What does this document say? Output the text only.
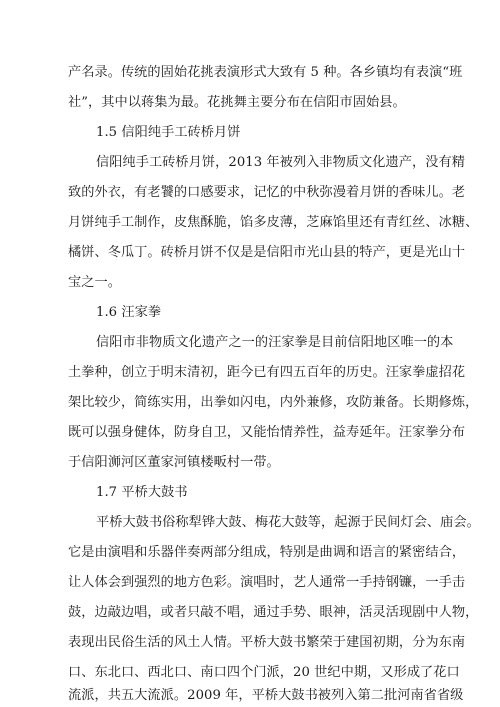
产名录。传统的固始花挑表演形式大致有 5 种。各乡镇均有表演“班
社”，其中以蒋集为最。花挑舞主要分布在信阳市固始县。
1.5 信阳纯手工砖桥月饼
信阳纯手工砖桥月饼，2013 年被列入非物质文化遗产，没有精
致的外衣，有老饕的口感要求，记忆的中秋弥漫着月饼的香味儿。老
月饼纯手工制作，皮焦酥脆，馅多皮薄，芝麻馅里还有青红丝、冰糖、
橘饼、冬瓜丁。砖桥月饼不仅是是信阳市光山县的特产，更是光山十
宝之一。
1.6 汪家拳
信阳市非物质文化遗产之一的汪家拳是目前信阳地区唯一的本
土拳种，创立于明末清初，距今已有四五百年的历史。汪家拳虚招花
架比较少，简练实用，出拳如闪电，内外兼修，攻防兼备。长期修炼，
既可以强身健体，防身自卫，又能怡情养性，益寿延年。汪家拳分布
于信阳浉河区董家河镇楼畈村一带。
1.7 平桥大鼓书
平桥大鼓书俗称犁铧大鼓、梅花大鼓等，起源于民间灯会、庙会。
它是由演唱和乐器伴奏两部分组成，特别是曲调和语言的紧密结合，
让人体会到强烈的地方色彩。演唱时，艺人通常一手持钢镰，一手击
鼓，边敲边唱，或者只敲不唱，通过手势、眼神，活灵活现剧中人物，
表现出民俗生活的风土人情。平桥大鼓书繁荣于建国初期，分为东南
口、东北口、西北口、南口四个门派，20 世纪中期，又形成了花口
流派，共五大流派。2009 年，平桥大鼓书被列入第二批河南省省级
